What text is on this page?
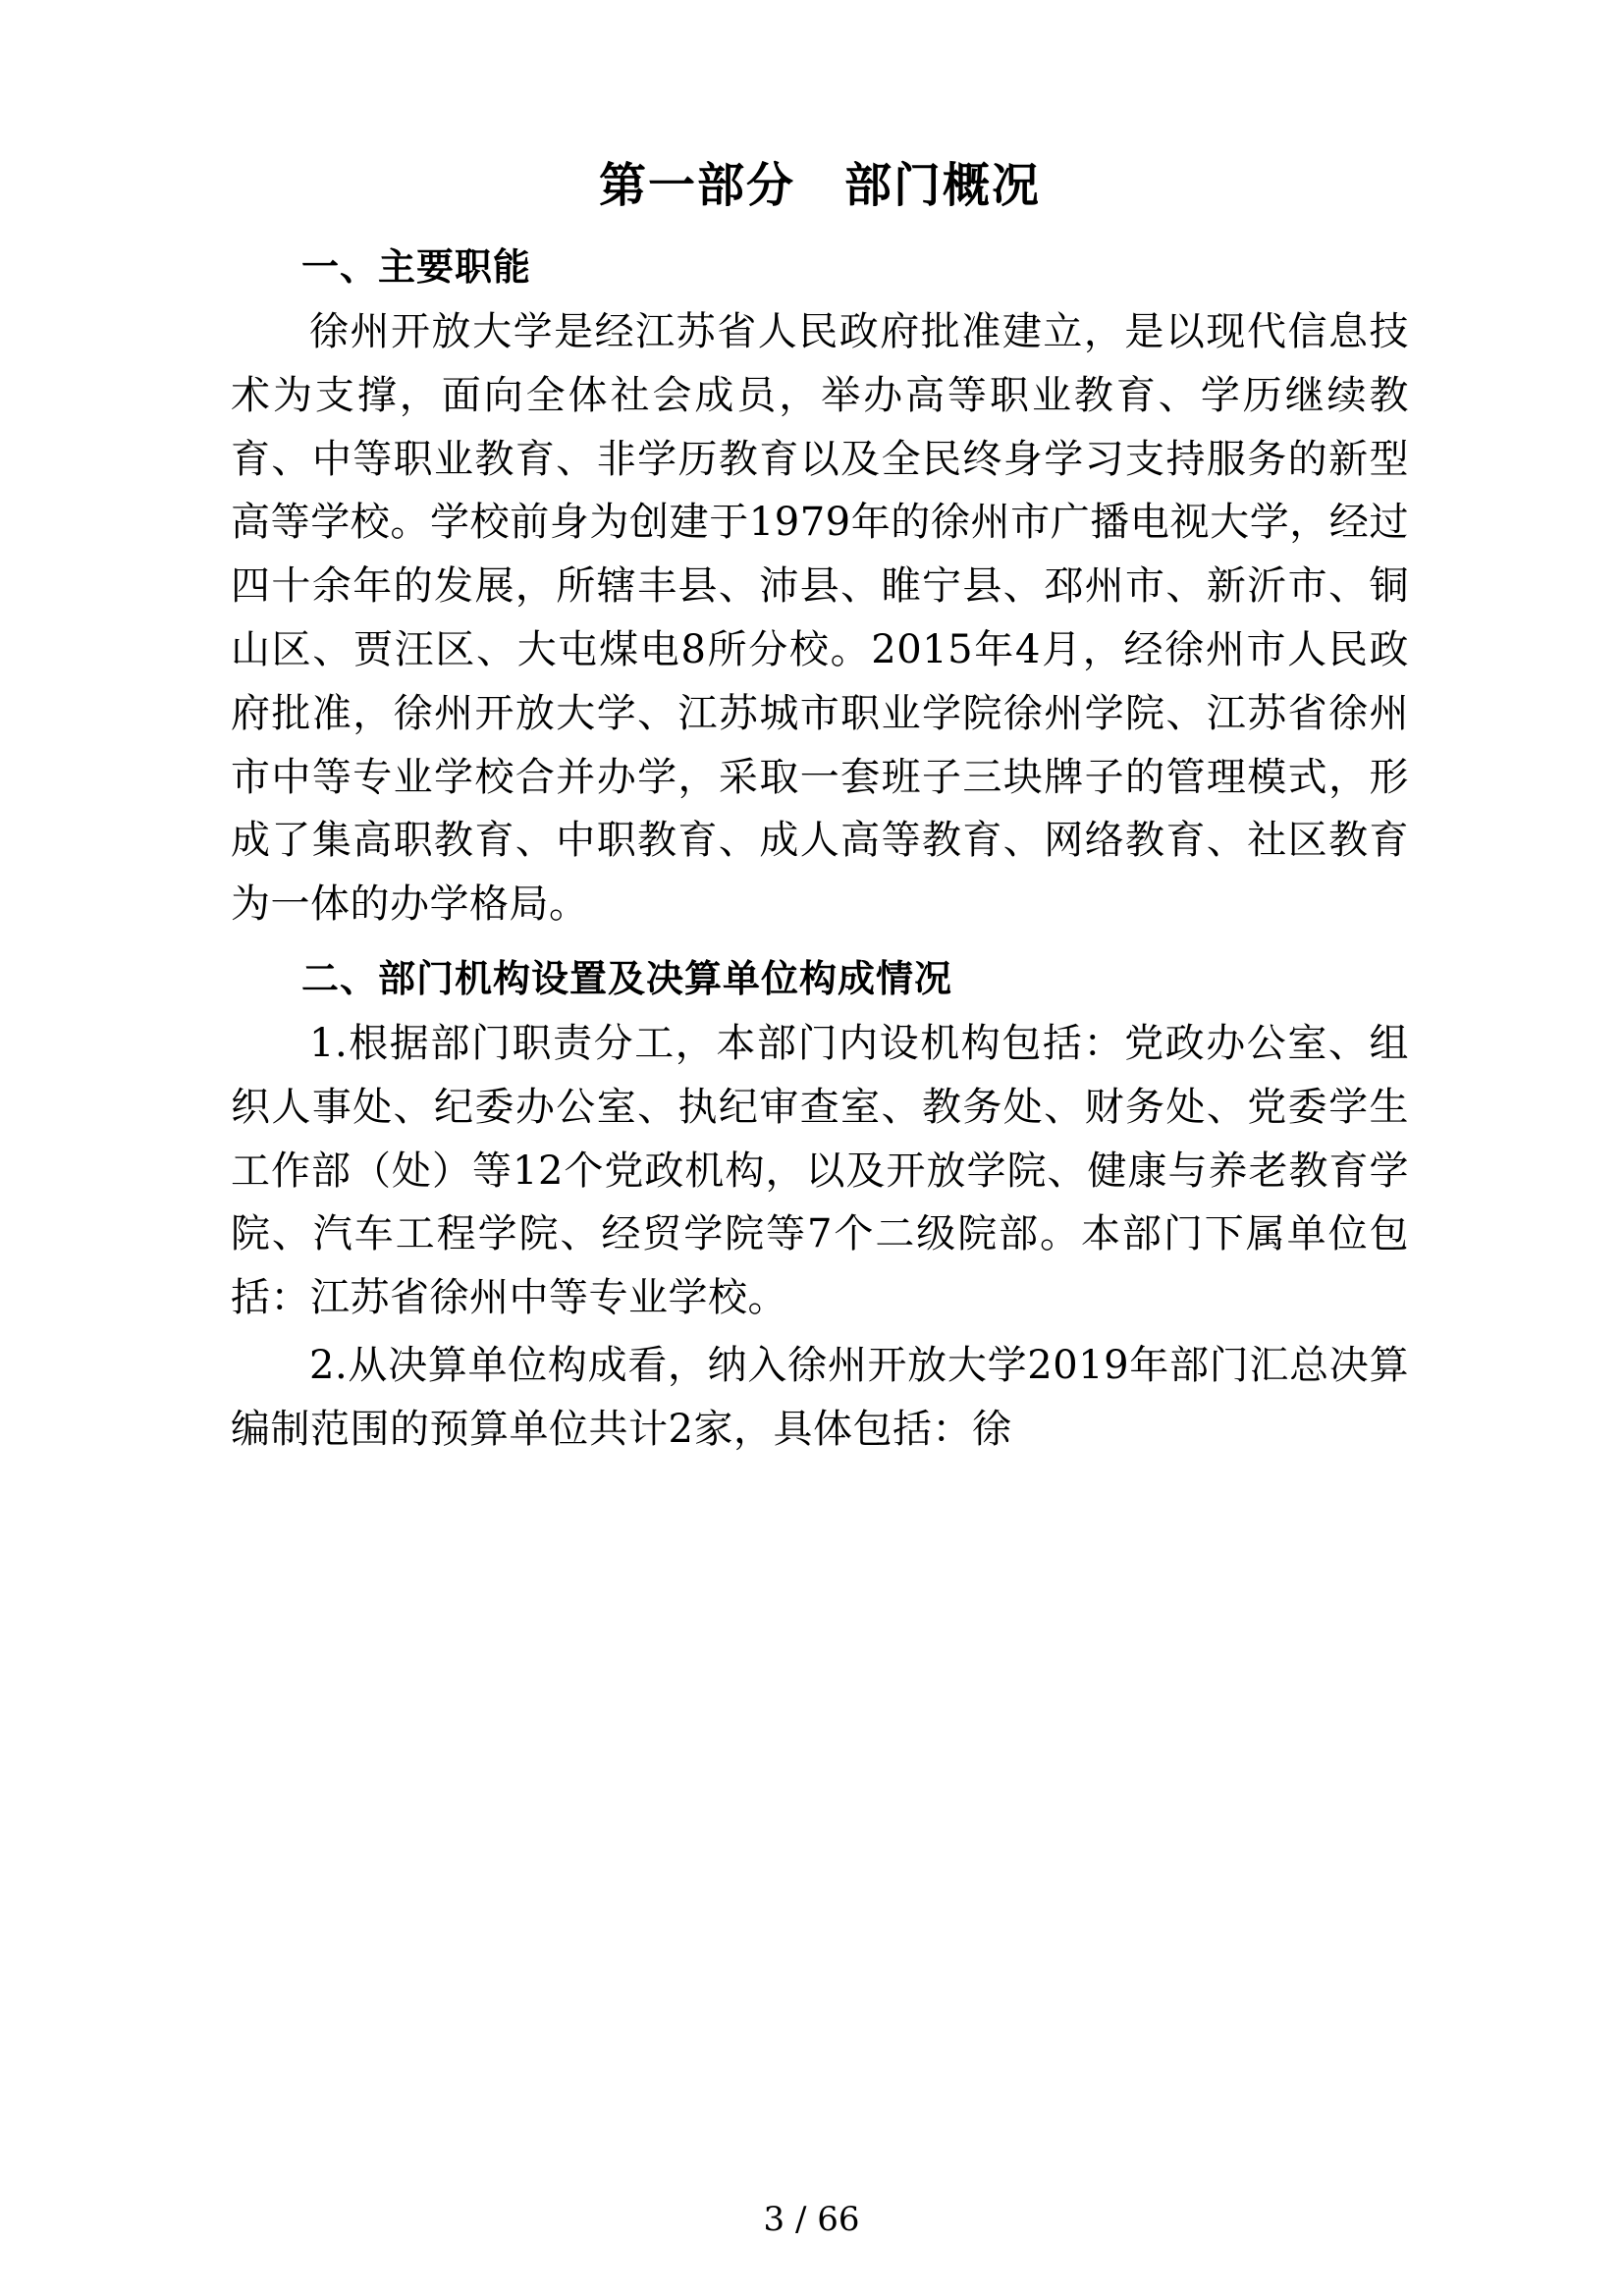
第一部分　部门概况
一、主要职能

徐州开放大学是经江苏省人民政府批准建立，是以现代信息技术为支撑，面向全体社会成员，举办高等职业教育、学历继续教育、中等职业教育、非学历教育以及全民终身学习支持服务的新型高等学校。学校前身为创建于1979年的徐州市广播电视大学，经过四十余年的发展，所辖丰县、沛县、睢宁县、邳州市、新沂市、铜山区、贾汪区、大屯煤电8所分校。2015年4月，经徐州市人民政府批准，徐州开放大学、江苏城市职业学院徐州学院、江苏省徐州市中等专业学校合并办学，采取一套班子三块牌子的管理模式，形成了集高职教育、中职教育、成人高等教育、网络教育、社区教育为一体的办学格局。

二、部门机构设置及决算单位构成情况

1.根据部门职责分工，本部门内设机构包括：党政办公室、组织人事处、纪委办公室、执纪审查室、教务处、财务处、党委学生工作部（处）等12个党政机构，以及开放学院、健康与养老教育学院、汽车工程学院、经贸学院等7个二级院部。本部门下属单位包括：江苏省徐州中等专业学校。

2.从决算单位构成看，纳入徐州开放大学2019年部门汇总决算编制范围的预算单位共计2家，具体包括：徐

3 / 66
